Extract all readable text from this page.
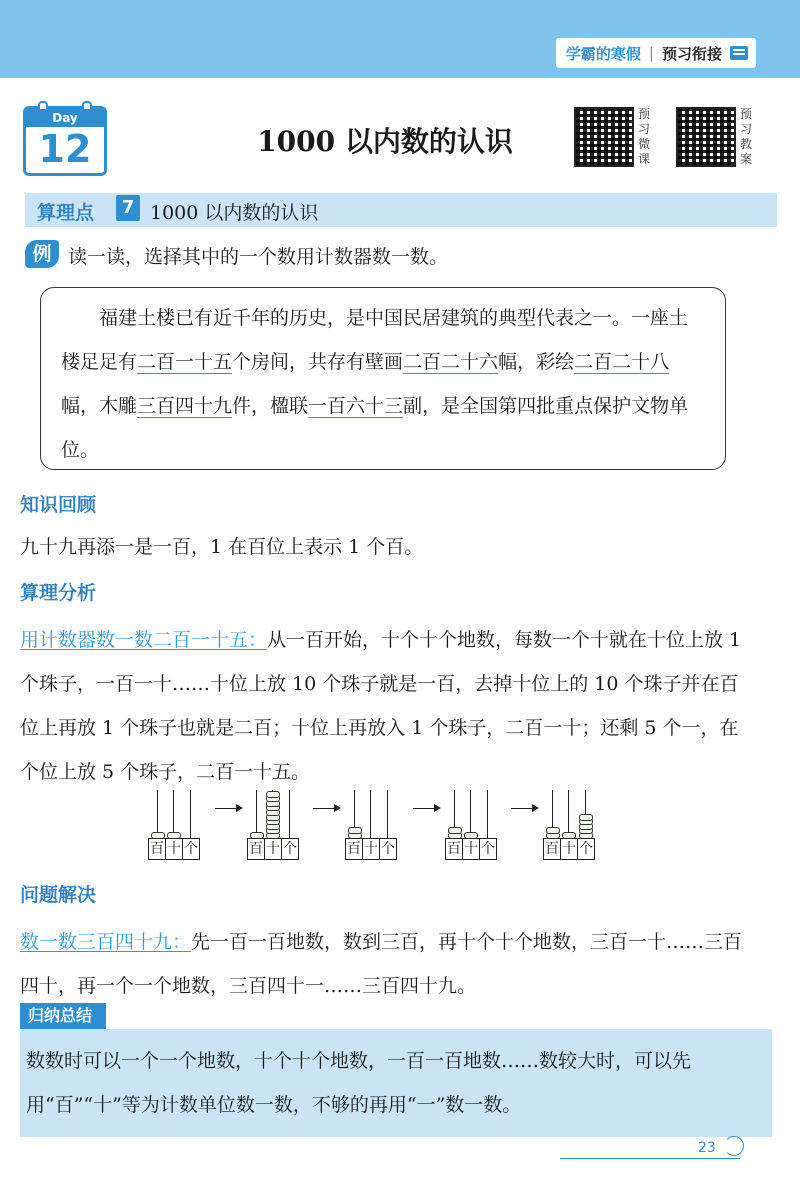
学霸的寒假 | 预习衔接
Day
12	1000 以内数的认识
预习微课
预习教案
算理点	7 1000 以内数的认识
例 读一读，选择其中的一个数用计数器数一数。
福建土楼已有近千年的历史，是中国民居建筑的典型代表之一。一座土楼足足有二百一十五个房间，共存有壁画二百二十六幅，彩绘二百二十八幅，木雕三百四十九件，楹联一百六十三副，是全国第四批重点保护文物单位。
知识回顾
九十九再添一是一百，1 在百位上表示 1 个百。
算理分析
用计数器数一数二百一十五：从一百开始，十个十个地数，每数一个十就在十位上放 1 个珠子，一百一十……十位上放 10 个珠子就是一百，去掉十位上的 10 个珠子并在百位上再放 1 个珠子也就是二百；十位上再放入 1 个珠子，二百一十；还剩 5 个一，在个位上放 5 个珠子，二百一十五。
百 十 个	百 十 个	百 十 个	百 十 个	百 十 个
问题解决
数一数三百四十九：先一百一百地数，数到三百，再十个十个地数，三百一十……三百四十，再一个一个地数，三百四十一……三百四十九。
归纳总结
数数时可以一个一个地数，十个十个地数，一百一百地数……数较大时，可以先用“百”“十”等为计数单位数一数，不够的再用“一”数一数。
23
